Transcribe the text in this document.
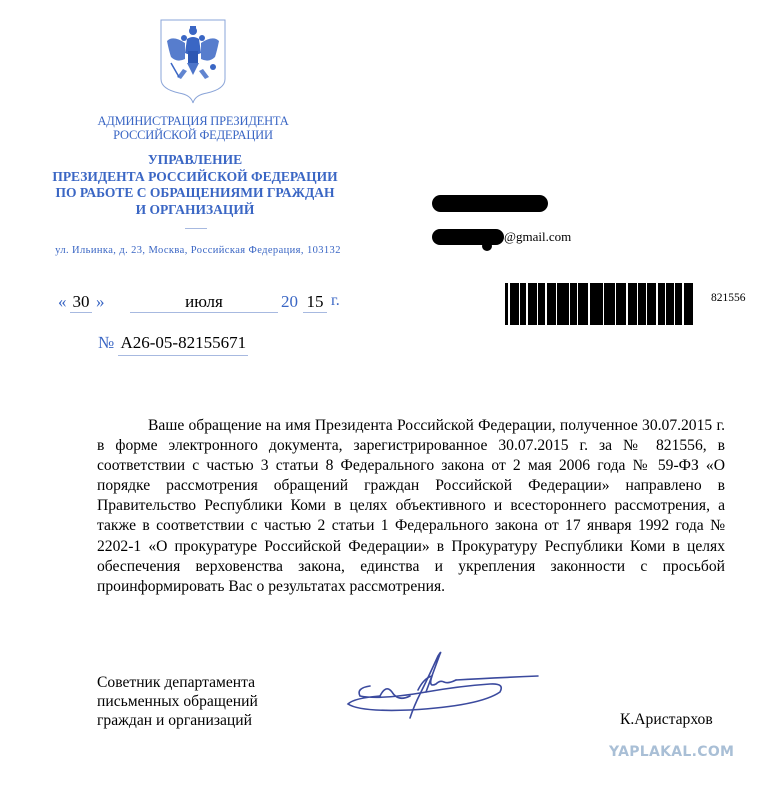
АДМИНИСТРАЦИЯ ПРЕЗИДЕНТА
РОССИЙСКОЙ ФЕДЕРАЦИИ
УПРАВЛЕНИЕ
ПРЕЗИДЕНТА РОССИЙСКОЙ ФЕДЕРАЦИИ
ПО РАБОТЕ С ОБРАЩЕНИЯМИ ГРАЖДАН
И ОРГАНИЗАЦИЙ
ул. Ильинка, д. 23, Москва, Российская Федерация, 103132
@gmail.com
« 30 »	июля	20 15 г.
№ А26-05-82155671
821556
Ваше обращение на имя Президента Российской Федерации, полученное 30.07.2015 г. в форме электронного документа, зарегистрированное 30.07.2015 г. за № 821556, в соответствии с частью 3 статьи 8 Федерального закона от 2 мая 2006 года № 59-ФЗ «О порядке рассмотрения обращений граждан Российской Федерации» направлено в Правительство Республики Коми в целях объективного и всестороннего рассмотрения, а также в соответствии с частью 2 статьи 1 Федерального закона от 17 января 1992 года № 2202-1 «О прокуратуре Российской Федерации» в Прокуратуру Республики Коми в целях обеспечения верховенства закона, единства и укрепления законности с просьбой проинформировать Вас о результатах рассмотрения.
Советник департамента
письменных обращений
граждан и организаций	К.Аристархов
YAPLAKAL.COM
